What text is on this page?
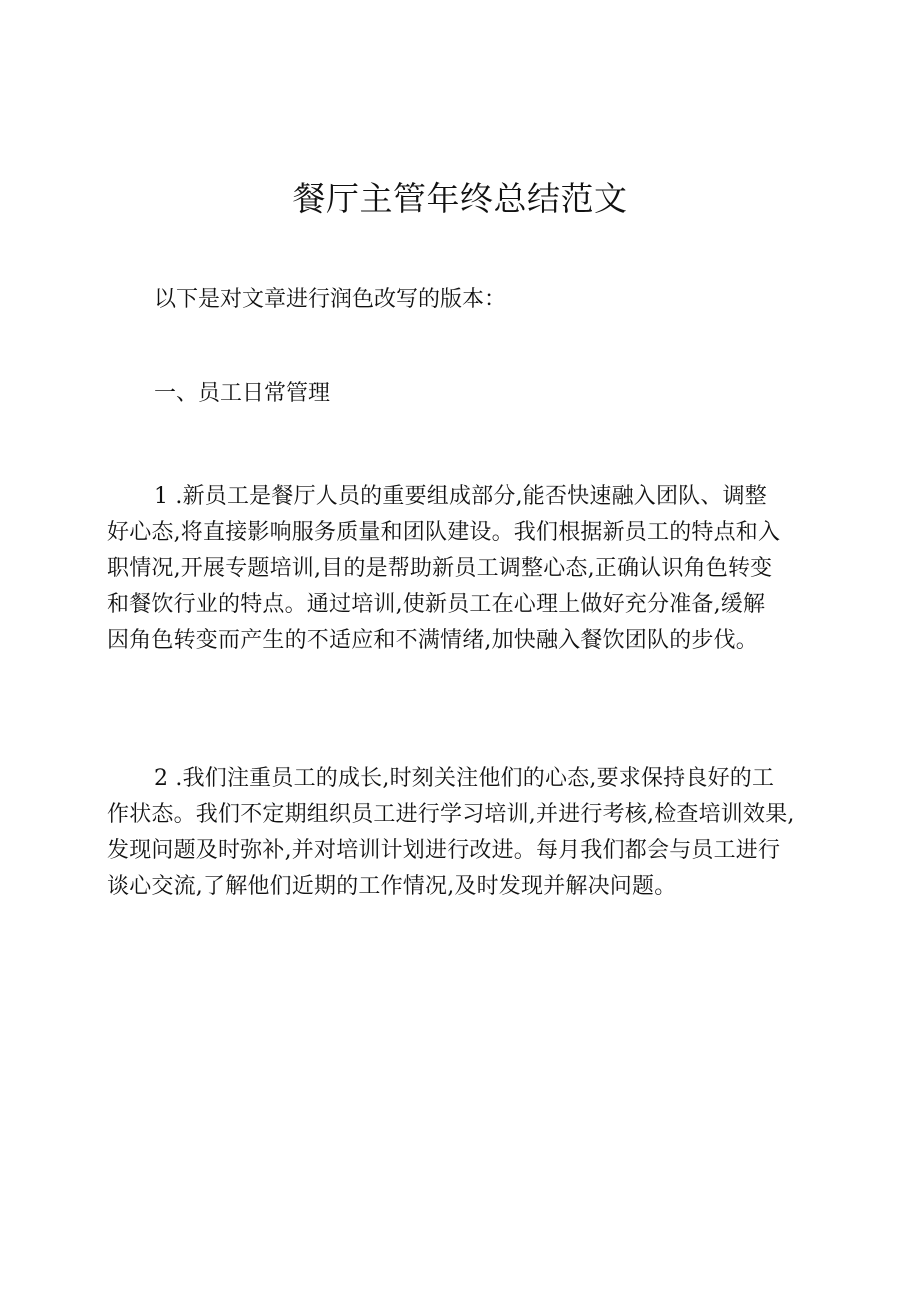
餐厅主管年终总结范文

以下是对文章进行润色改写的版本：

一、员工日常管理
1 .新员工是餐厅人员的重要组成部分,能否快速融入团队、调整
好心态,将直接影响服务质量和团队建设。我们根据新员工的特点和入
职情况,开展专题培训,目的是帮助新员工调整心态,正确认识角色转变
和餐饮行业的特点。通过培训,使新员工在心理上做好充分准备,缓解
因角色转变而产生的不适应和不满情绪,加快融入餐饮团队的步伐。
2 .我们注重员工的成长,时刻关注他们的心态,要求保持良好的工
作状态。我们不定期组织员工进行学习培训,并进行考核,检查培训效果,
发现问题及时弥补,并对培训计划进行改进。每月我们都会与员工进行
谈心交流,了解他们近期的工作情况,及时发现并解决问题。
